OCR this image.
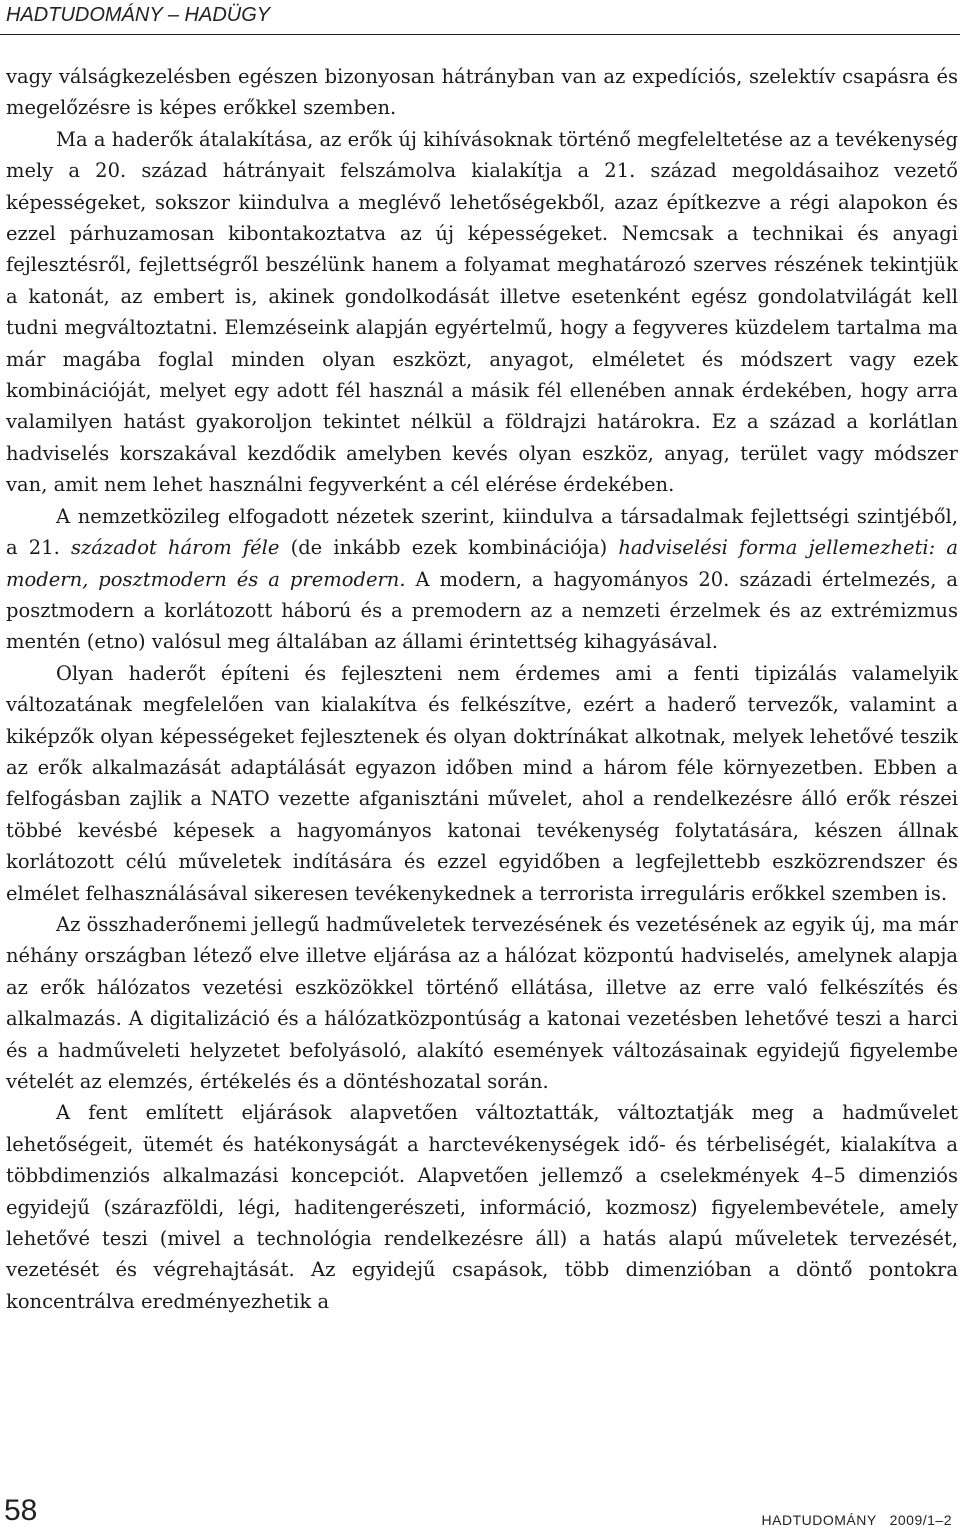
HADTUDOMÁNY – HADÜGY

vagy válságkezelésben egészen bizonyosan hátrányban van az expedíciós, szelektív csapásra és megelőzésre is képes erőkkel szemben.

Ma a haderők átalakítása, az erők új kihívásoknak történő megfeleltetése az a tevékenység mely a 20. század hátrányait felszámolva kialakítja a 21. század megoldásaihoz vezető képességeket, sokszor kiindulva a meglévő lehetőségekből, azaz építkezve a régi alapokon és ezzel párhuzamosan kibontakoztatva az új képességeket. Nemcsak a technikai és anyagi fejlesztésről, fejlettségről beszélünk hanem a folyamat meghatározó szerves részének tekintjük a katonát, az embert is, akinek gondolkodását illetve esetenként egész gondolatvilágát kell tudni megváltoztatni. Elemzéseink alapján egyértelmű, hogy a fegyveres küzdelem tartalma ma már magába foglal minden olyan eszközt, anyagot, elméletet és módszert vagy ezek kombinációját, melyet egy adott fél használ a másik fél ellenében annak érdekében, hogy arra valamilyen hatást gyakoroljon tekintet nélkül a földrajzi határokra. Ez a század a korlátlan hadviselés korszakával kezdődik amelyben kevés olyan eszköz, anyag, terület vagy módszer van, amit nem lehet használni fegyverként a cél elérése érdekében.

A nemzetközileg elfogadott nézetek szerint, kiindulva a társadalmak fejlettségi szintjéből, a 21. századot három féle (de inkább ezek kombinációja) hadviselési forma jellemezheti: a modern, posztmodern és a premodern. A modern, a hagyományos 20. századi értelmezés, a posztmodern a korlátozott háború és a premodern az a nemzeti érzelmek és az extrémizmus mentén (etno) valósul meg általában az állami érintettség kihagyásával.

Olyan haderőt építeni és fejleszteni nem érdemes ami a fenti tipizálás valamelyik változatának megfelelően van kialakítva és felkészítve, ezért a haderő tervezők, valamint a kiképzők olyan képességeket fejlesztenek és olyan doktrínákat alkotnak, melyek lehetővé teszik az erők alkalmazását adaptálását egyazon időben mind a három féle környezetben. Ebben a felfogásban zajlik a NATO vezette afganisztáni művelet, ahol a rendelkezésre álló erők részei többé kevésbé képesek a hagyományos katonai tevékenység folytatására, készen állnak korlátozott célú műveletek indítására és ezzel egyidőben a legfejlettebb eszközrendszer és elmélet felhasználásával sikeresen tevékenykednek a terrorista irreguláris erőkkel szemben is.

Az összhaderőnemi jellegű hadműveletek tervezésének és vezetésének az egyik új, ma már néhány országban létező elve illetve eljárása az a hálózat központú hadviselés, amelynek alapja az erők hálózatos vezetési eszközökkel történő ellátása, illetve az erre való felkészítés és alkalmazás. A digitalizáció és a hálózatközpontúság a katonai vezetésben lehetővé teszi a harci és a hadműveleti helyzetet befolyásoló, alakító események változásainak egyidejű figyelembe vételét az elemzés, értékelés és a döntéshozatal során.

A fent említett eljárások alapvetően változtatták, változtatják meg a hadművelet lehetőségeit, ütemét és hatékonyságát a harctevékenységek idő- és térbeliségét, kialakítva a többdimenziós alkalmazási koncepciót. Alapvetően jellemző a cselekmények 4–5 dimenziós egyidejű (szárazföldi, légi, haditengerészeti, információ, kozmosz) figyelembevétele, amely lehetővé teszi (mivel a technológia rendelkezésre áll) a hatás alapú műveletek tervezését, vezetését és végrehajtását. Az egyidejű csapások, több dimenzióban a döntő pontokra koncentrálva eredményezhetik a

58	HADTUDOMÁNY   2009/1–2
